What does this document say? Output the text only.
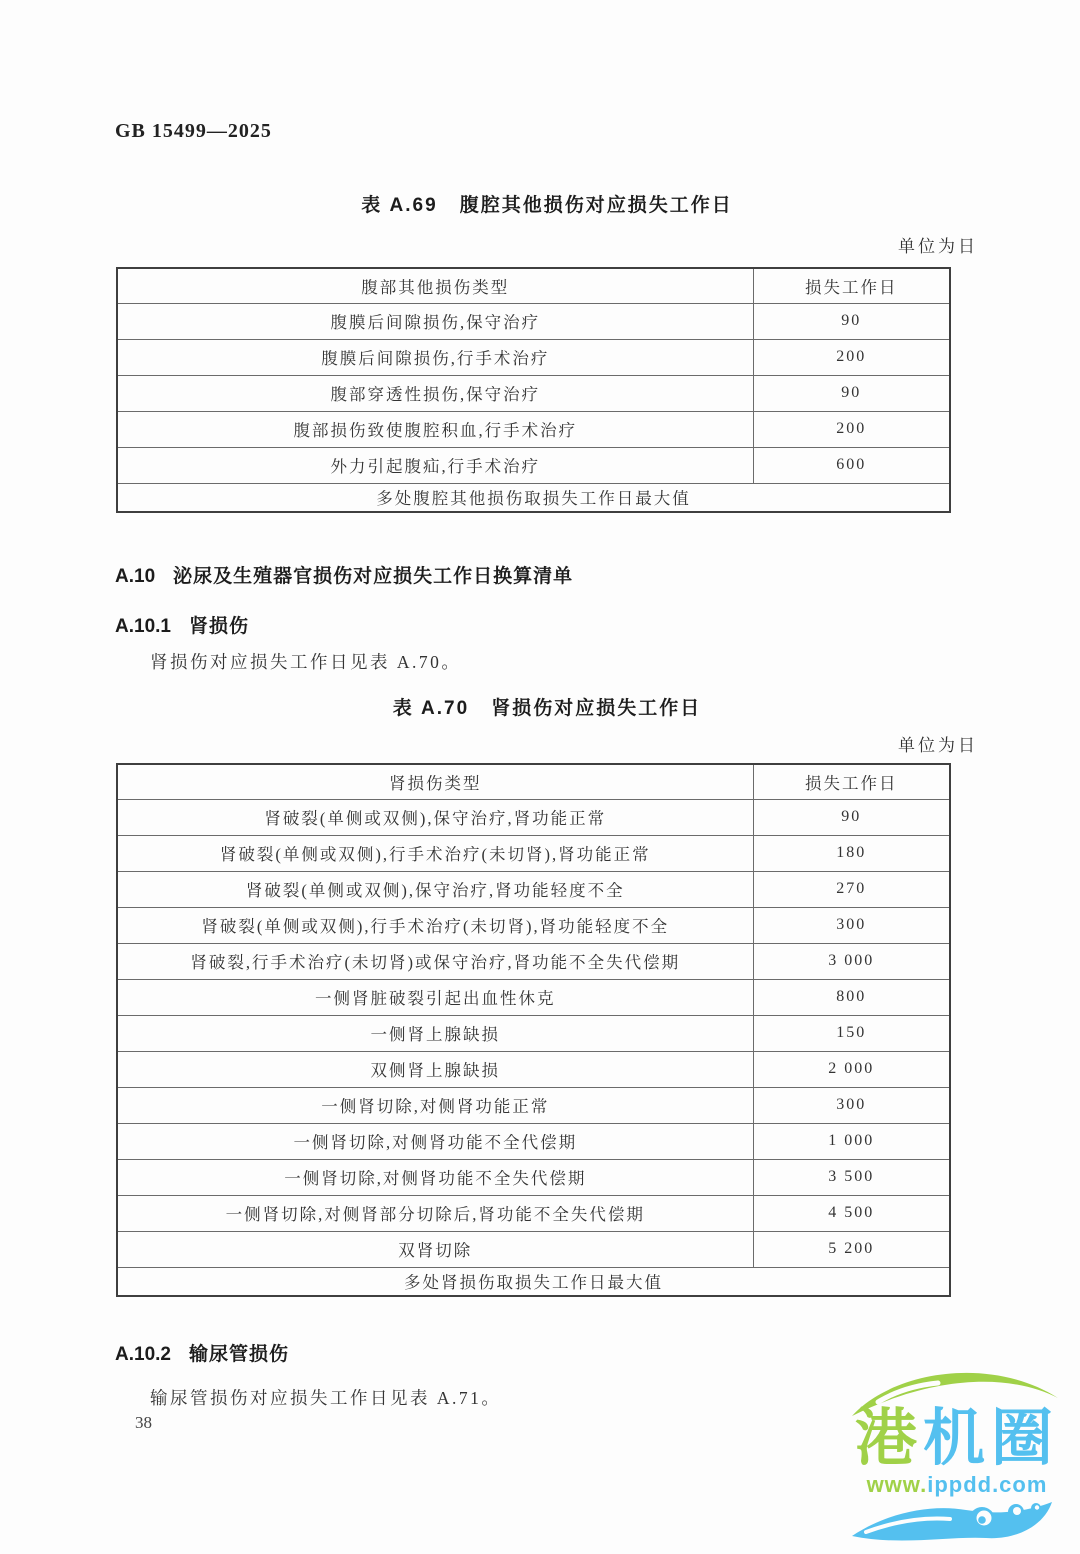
GB 15499—2025
表 A.69 腹腔其他损伤对应损失工作日
单位为日
腹部其他损伤类型	损失工作日
腹膜后间隙损伤,保守治疗	90
腹膜后间隙损伤,行手术治疗	200
腹部穿透性损伤,保守治疗	90
腹部损伤致使腹腔积血,行手术治疗	200
外力引起腹疝,行手术治疗	600
多处腹腔其他损伤取损失工作日最大值	
A.10 泌尿及生殖器官损伤对应损失工作日换算清单
A.10.1 肾损伤
肾损伤对应损失工作日见表 A.70。
表 A.70 肾损伤对应损失工作日
单位为日
肾损伤类型	损失工作日
肾破裂(单侧或双侧),保守治疗,肾功能正常	90
肾破裂(单侧或双侧),行手术治疗(未切肾),肾功能正常	180
肾破裂(单侧或双侧),保守治疗,肾功能轻度不全	270
肾破裂(单侧或双侧),行手术治疗(未切肾),肾功能轻度不全	300
肾破裂,行手术治疗(未切肾)或保守治疗,肾功能不全失代偿期	3 000
一侧肾脏破裂引起出血性休克	800
一侧肾上腺缺损	150
双侧肾上腺缺损	2 000
一侧肾切除,对侧肾功能正常	300
一侧肾切除,对侧肾功能不全代偿期	1 000
一侧肾切除,对侧肾功能不全失代偿期	3 500
一侧肾切除,对侧肾部分切除后,肾功能不全失代偿期	4 500
双肾切除	5 200
多处肾损伤取损失工作日最大值	
A.10.2 输尿管损伤
输尿管损伤对应损失工作日见表 A.71。
38	港机圈
www.ippdd.com
